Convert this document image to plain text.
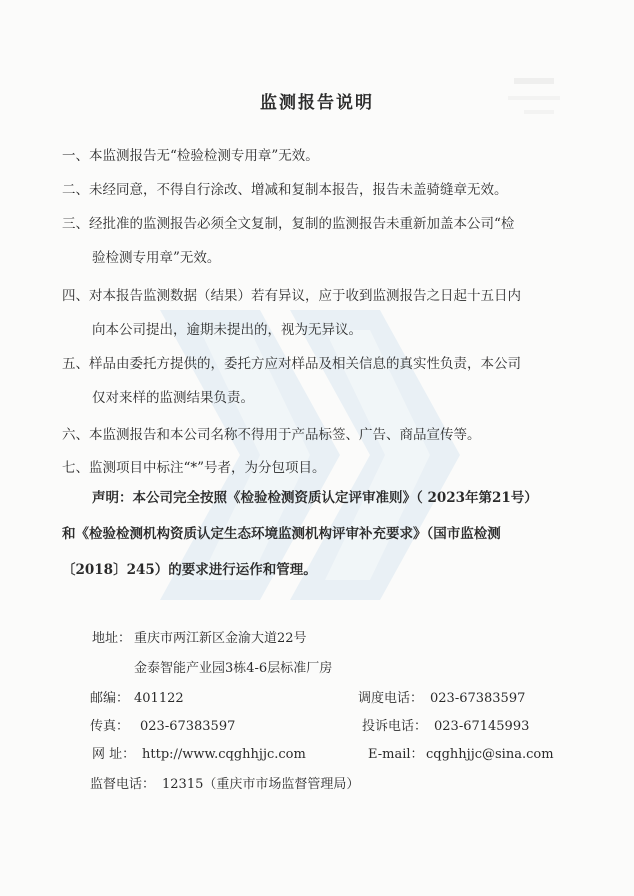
监测报告说明
一、本监测报告无“检验检测专用章”无效。
二、未经同意，不得自行涂改、增减和复制本报告，报告未盖骑缝章无效。
三、经批准的监测报告必须全文复制，复制的监测报告未重新加盖本公司“检
验检测专用章”无效。
四、对本报告监测数据（结果）若有异议，应于收到监测报告之日起十五日内
向本公司提出，逾期未提出的，视为无异议。
五、样品由委托方提供的，委托方应对样品及相关信息的真实性负责，本公司
仅对来样的监测结果负责。
六、本监测报告和本公司名称不得用于产品标签、广告、商品宣传等。
七、监测项目中标注“*”号者，为分包项目。
声明：本公司完全按照《检验检测资质认定评审准则》（ 2023年第21号）
和《检验检测机构资质认定生态环境监测机构评审补充要求》（国市监检测
〔2018〕245）的要求进行运作和管理。
地址： 重庆市两江新区金渝大道22号
金泰智能产业园3栋4-6层标准厂房
邮编： 401122	调度电话： 023-67383597
传真： 023-67383597	投诉电话： 023-67145993
网 址： http://www.cqghhjjc.com	E-mail： cqghhjjc@sina.com
监督电话： 12315（重庆市市场监督管理局）
